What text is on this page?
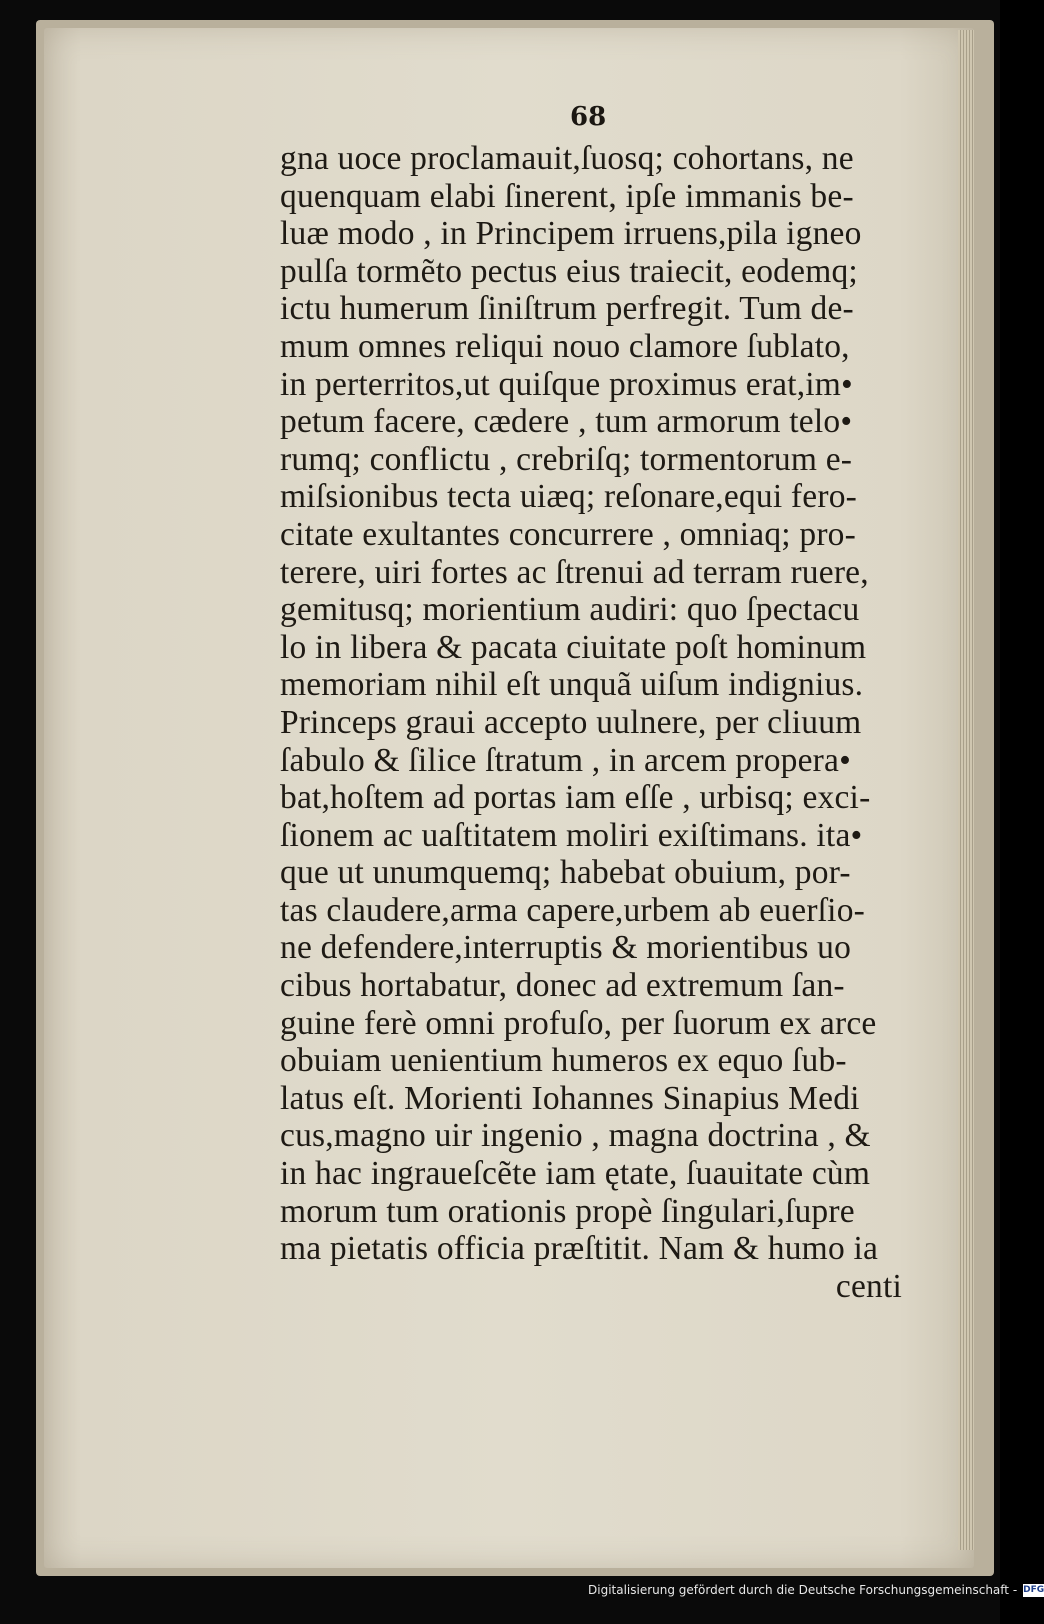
68
gna uoce proclamauit,ſuosq; cohortans, ne
quenquam elabi ſinerent, ipſe immanis be-
luæ modo , in Principem irruens,pila igneo
pulſa tormẽto pectus eius traiecit, eodemq;
ictu humerum ſiniſtrum perfregit. Tum de-
mum omnes reliqui nouo clamore ſublato,
in perterritos,ut quiſque proximus erat,im•
petum facere, cædere , tum armorum telo•
rumq; conflictu , crebriſq; tormentorum e-
miſsionibus tecta uiæq; reſonare,equi fero-
citate exultantes concurrere , omniaq; pro-
terere, uiri fortes ac ſtrenui ad terram ruere,
gemitusq; morientium audiri: quo ſpectacu
lo in libera & pacata ciuitate poſt hominum
memoriam nihil eſt unquã uiſum indignius.
Princeps graui accepto uulnere, per cliuum
ſabulo & ſilice ſtratum , in arcem propera•
bat,hoſtem ad portas iam eſſe , urbisq; exci-
ſionem ac uaſtitatem moliri exiſtimans. ita•
que ut unumquemq; habebat obuium, por-
tas claudere,arma capere,urbem ab euerſio-
ne defendere,interruptis & morientibus uo
cibus hortabatur, donec ad extremum ſan-
guine ferè omni profuſo, per ſuorum ex arce
obuiam uenientium humeros ex equo ſub-
latus eſt. Morienti Iohannes Sinapius Medi
cus,magno uir ingenio , magna doctrina , &
in hac ingraueſcẽte iam ętate, ſuauitate cùm
morum tum orationis propè ſingulari,ſupre
ma pietatis officia præſtitit. Nam & humo ia
centi
Digitalisierung gefördert durch die Deutsche Forschungsgemeinschaft - DFG
